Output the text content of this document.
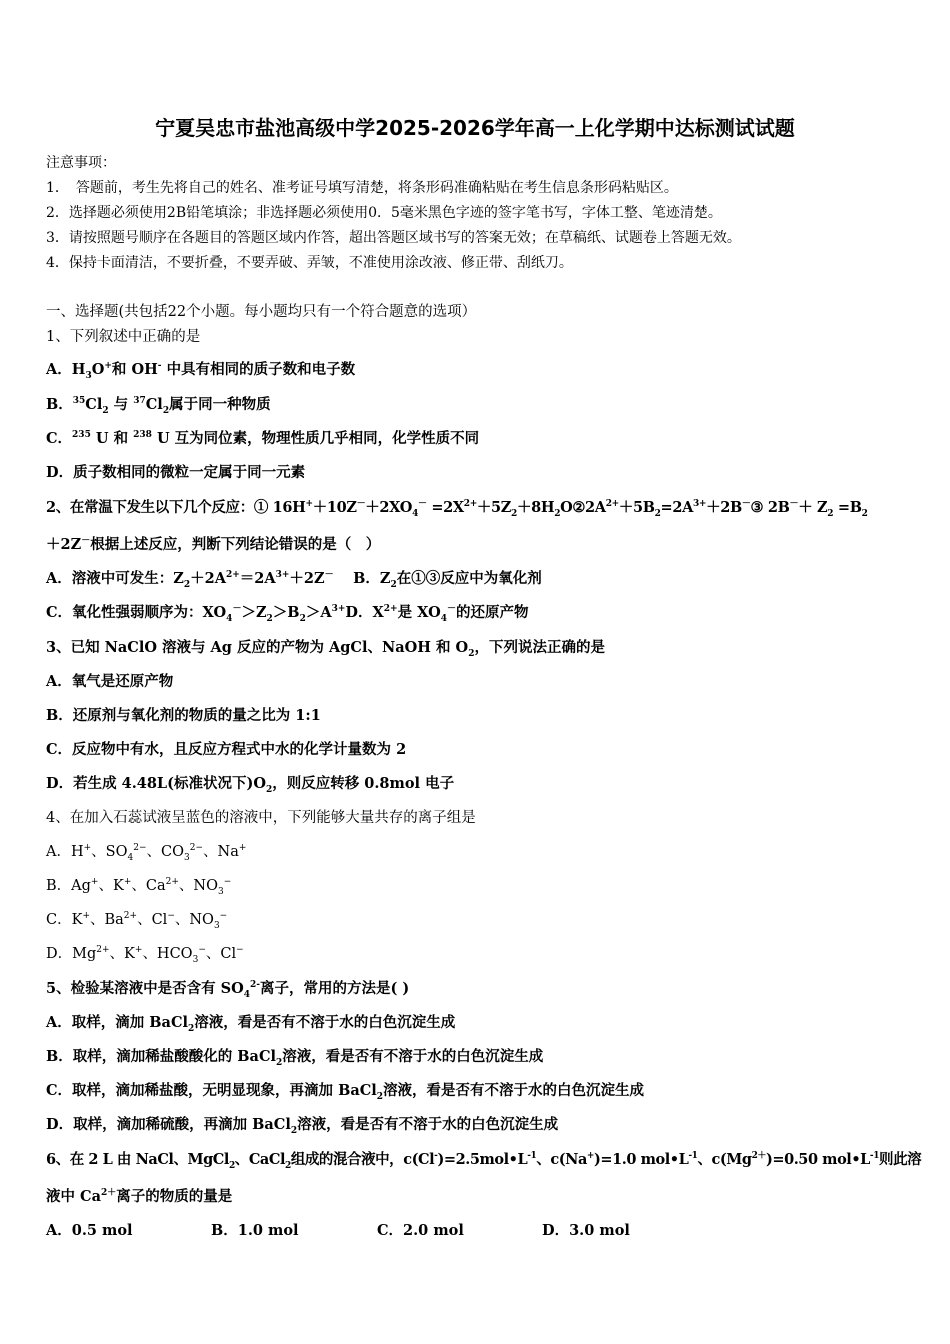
宁夏吴忠市盐池高级中学2025-2026学年高一上化学期中达标测试试题
注意事项：
1．　答题前，考生先将自己的姓名、准考证号填写清楚，将条形码准确粘贴在考生信息条形码粘贴区。
2．选择题必须使用2B铅笔填涂；非选择题必须使用0．5毫米黑色字迹的签字笔书写，字体工整、笔迹清楚。
3．请按照题号顺序在各题目的答题区域内作答，超出答题区域书写的答案无效；在草稿纸、试题卷上答题无效。
4．保持卡面清洁，不要折叠，不要弄破、弄皱，不准使用涂改液、修正带、刮纸刀。
一、选择题(共包括22个小题。每小题均只有一个符合题意的选项）
1、下列叙述中正确的是
A．$H_3O^+$和 OH- 中具有相同的质子数和电子数
B．$^{35}Cl_2$ 与 $^{37}Cl_2$属于同一种物质
C．$^{235}$ U 和 $^{238}$ U 互为同位素，物理性质几乎相同，化学性质不同
D．质子数相同的微粒一定属于同一元素
2、在常温下发生以下几个反应：① $16H^++10Z^-+2XO_4^-$ $=2X^{2+}+5Z_2+8H_2O②2A^{2+}+5B_2=2A^{3+}+2B^-③$ $2B^-+ Z_2 =B_2$
＋2Z－根据上述反应，判断下列结论错误的是（　）
A．溶液中可发生：$Z_2+2A^{2+}=2A^{3+}+2Z^-$　 B．$Z_2$在①③反应中为氧化剂
C．氧化性强弱顺序为：$XO_4^->Z_2>B_2>A^{3+}D$．$X^{2+}$是 $XO_4^-$的还原产物
3、已知 NaClO 溶液与 Ag 反应的产物为 AgCl、NaOH 和 $O_2$，下列说法正确的是
A．氧气是还原产物
B．还原剂与氧化剂的物质的量之比为 1:1
C．反应物中有水，且反应方程式中水的化学计量数为 2
D．若生成 4.48L(标准状况下)$O_2$，则反应转移 0.8mol 电子
4、在加入石蕊试液呈蓝色的溶液中，下列能够大量共存的离子组是
A．H+、$SO_4^{2-}$、$CO_3^{2-}$、Na+
B．Ag+、K+、$Ca^{2+}$、$NO_3^-$
C．K+、$Ba^{2+}$、Cl−、$NO_3^-$
D．$Mg^{2+}$、K+、$HCO_3^-$、Cl−
5、检验某溶液中是否含有 $SO_4^{2-}$离子，常用的方法是( )
A．取样，滴加 BaCl$_2$溶液，看是否有不溶于水的白色沉淀生成
B．取样，滴加稀盐酸酸化的 BaCl$_2$溶液，看是否有不溶于水的白色沉淀生成
C．取样，滴加稀盐酸，无明显现象，再滴加 BaCl$_2$溶液，看是否有不溶于水的白色沉淀生成
D．取样，滴加稀硫酸，再滴加 BaCl$_2$溶液，看是否有不溶于水的白色沉淀生成
6、在 2 L 由 NaCl、MgCl$_2$、CaCl$_2$组成的混合液中，$c(Cl^-)=2.5mol•L^{-1}$、c(Na+)=1.0 $mol•L^{-1}$、$c(Mg^{2+})=0.50$ $mol•L^{-1}$则此溶
液中 $Ca^{2+}$离子的物质的量是
A．0.5 mol	B．1.0 mol	C．2.0 mol	D．3.0 mol
